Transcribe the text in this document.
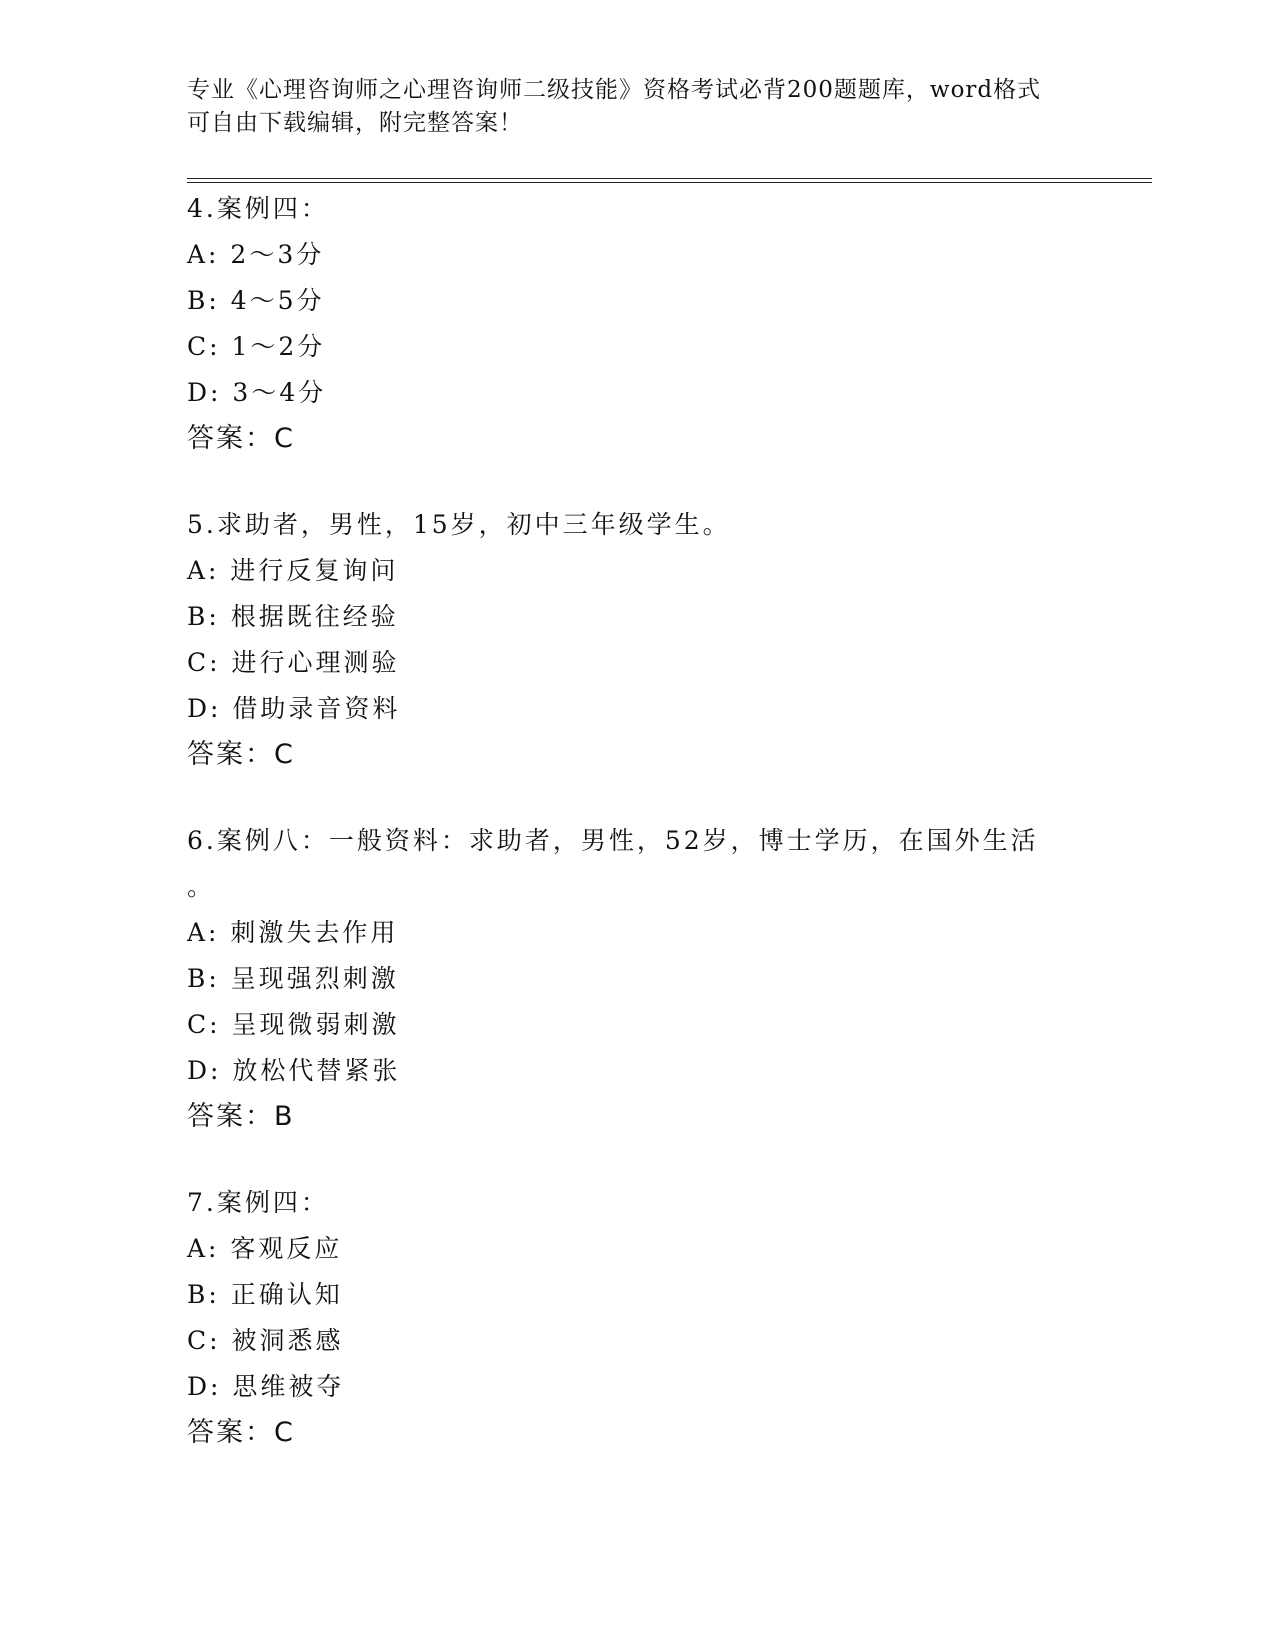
专业《心理咨询师之心理咨询师二级技能》资格考试必背200题题库，word格式
可自由下载编辑，附完整答案！
4.案例四：
A: 2～3分
B: 4～5分
C: 1～2分
D: 3～4分
答案：C
5.求助者，男性，15岁，初中三年级学生。
A: 进行反复询问
B: 根据既往经验
C: 进行心理测验
D: 借助录音资料
答案：C
6.案例八：一般资料：求助者，男性，52岁，博士学历，在国外生活
。
A: 刺激失去作用
B: 呈现强烈刺激
C: 呈现微弱刺激
D: 放松代替紧张
答案：B
7.案例四：
A: 客观反应
B: 正确认知
C: 被洞悉感
D: 思维被夺
答案：C
